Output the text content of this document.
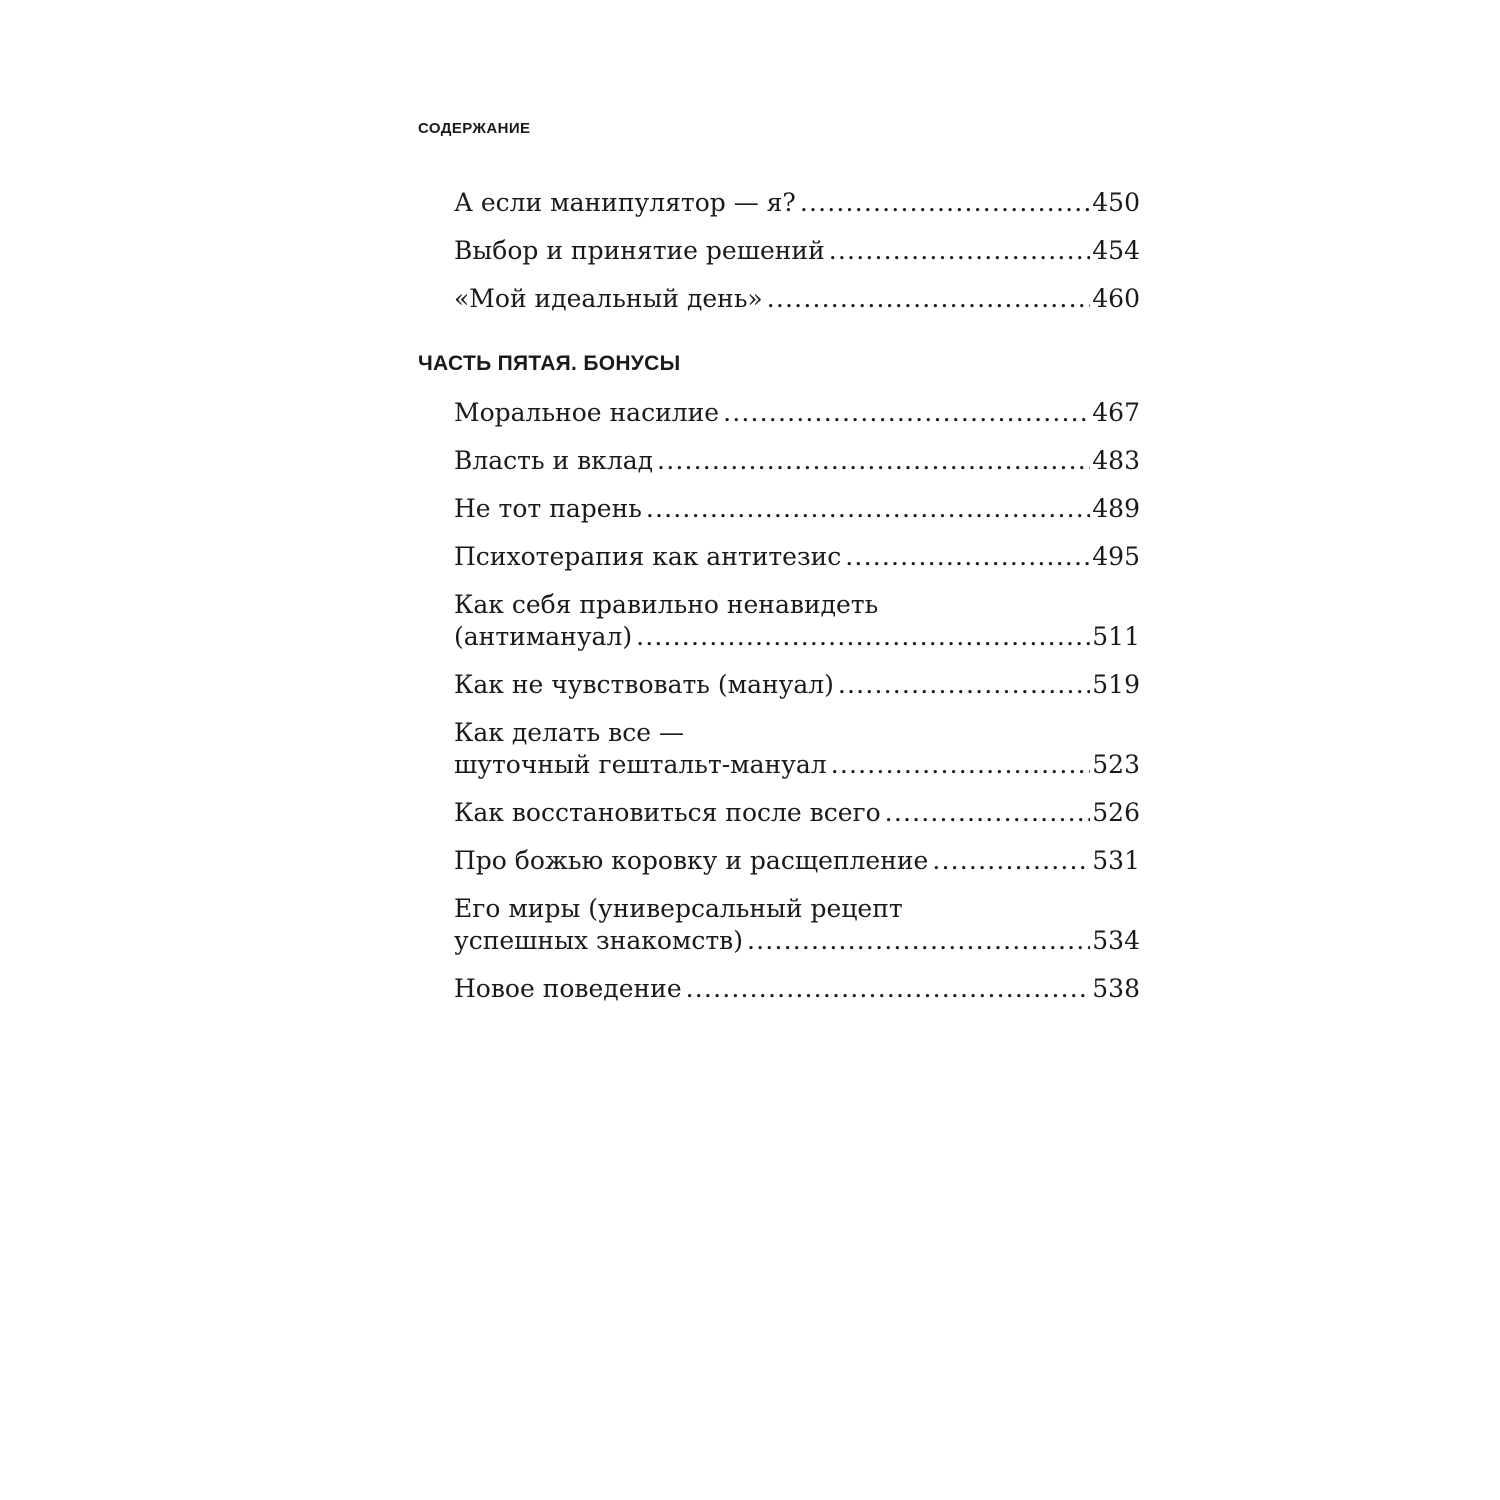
СОДЕРЖАНИЕ
А если манипулятор — я? .....	450
Выбор и принятие решений .....	454
«Мой идеальный день» .....	460
ЧАСТЬ ПЯТАЯ. БОНУСЫ
Моральное насилие .....	467
Власть и вклад .....	483
Не тот парень .....	489
Психотерапия как антитезис .....	495
Как себя правильно ненавидеть
(антимануал) .....	511
Как не чувствовать (мануал) .....	519
Как делать все —
шуточный гештальт-мануал .....	523
Как восстановиться после всего .....	526
Про божью коровку и расщепление .....	531
Его миры (универсальный рецепт
успешных знакомств) .....	534
Новое поведение .....	538
